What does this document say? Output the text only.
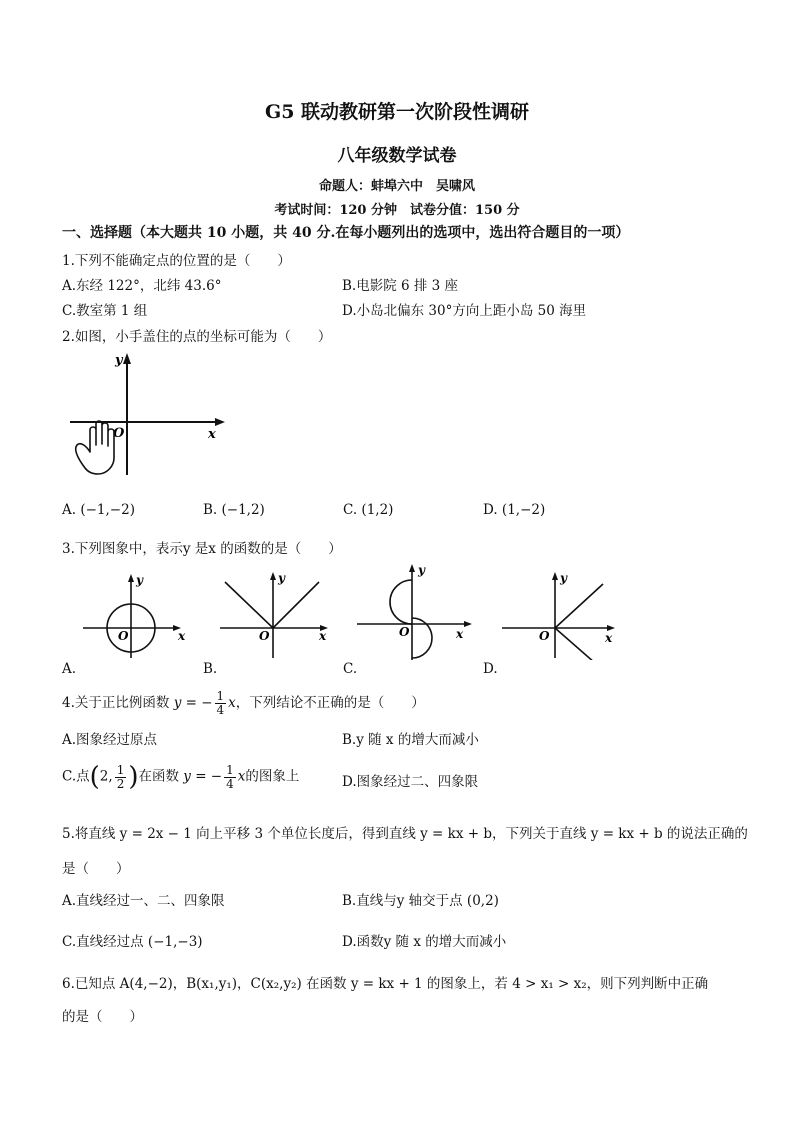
G5 联动教研第一次阶段性调研
八年级数学试卷
命题人：蚌埠六中　吴啸风
考试时间：120 分钟　试卷分值：150 分
一、选择题（本大题共 10 小题，共 40 分.在每小题列出的选项中，选出符合题目的一项）
1.下列不能确定点的位置的是（　　）
A.东经 122°，北纬 43.6°	B.电影院 6 排 3 座
C.教室第 1 组	D.小岛北偏东 30°方向上距小岛 50 海里
2.如图，小手盖住的点的坐标可能为（　　）
y
x
O
A. (−1,−2)	B. (−1,2)	C. (1,2)	D. (1,−2)
3.下列图象中，表示y 是x 的函数的是（　　）
y
x
O
y
x
O
y
x
O
y
x
O
A.	B.	C.	D.
4.关于正比例函数 y = − $\frac{1}{4}$ x，下列结论不正确的是（　　）
A.图象经过原点	B.y 随 x 的增大而减小
C.点(2, $\frac{1}{2}$ )在函数 y = − $\frac{1}{4}$ x的图象上	D.图象经过二、四象限
5.将直线 y = 2x − 1 向上平移 3 个单位长度后，得到直线 y = kx + b，下列关于直线 y = kx + b 的说法正确的
是（　　）
A.直线经过一、二、四象限	B.直线与y 轴交于点 (0,2)
C.直线经过点 (−1,−3)	D.函数y 随 x 的增大而减小
6.已知点 A(4,−2)，B(x₁,y₁)，C(x₂,y₂) 在函数 y = kx + 1 的图象上，若 4 > x₁ > x₂，则下列判断中正确
的是（　　）
